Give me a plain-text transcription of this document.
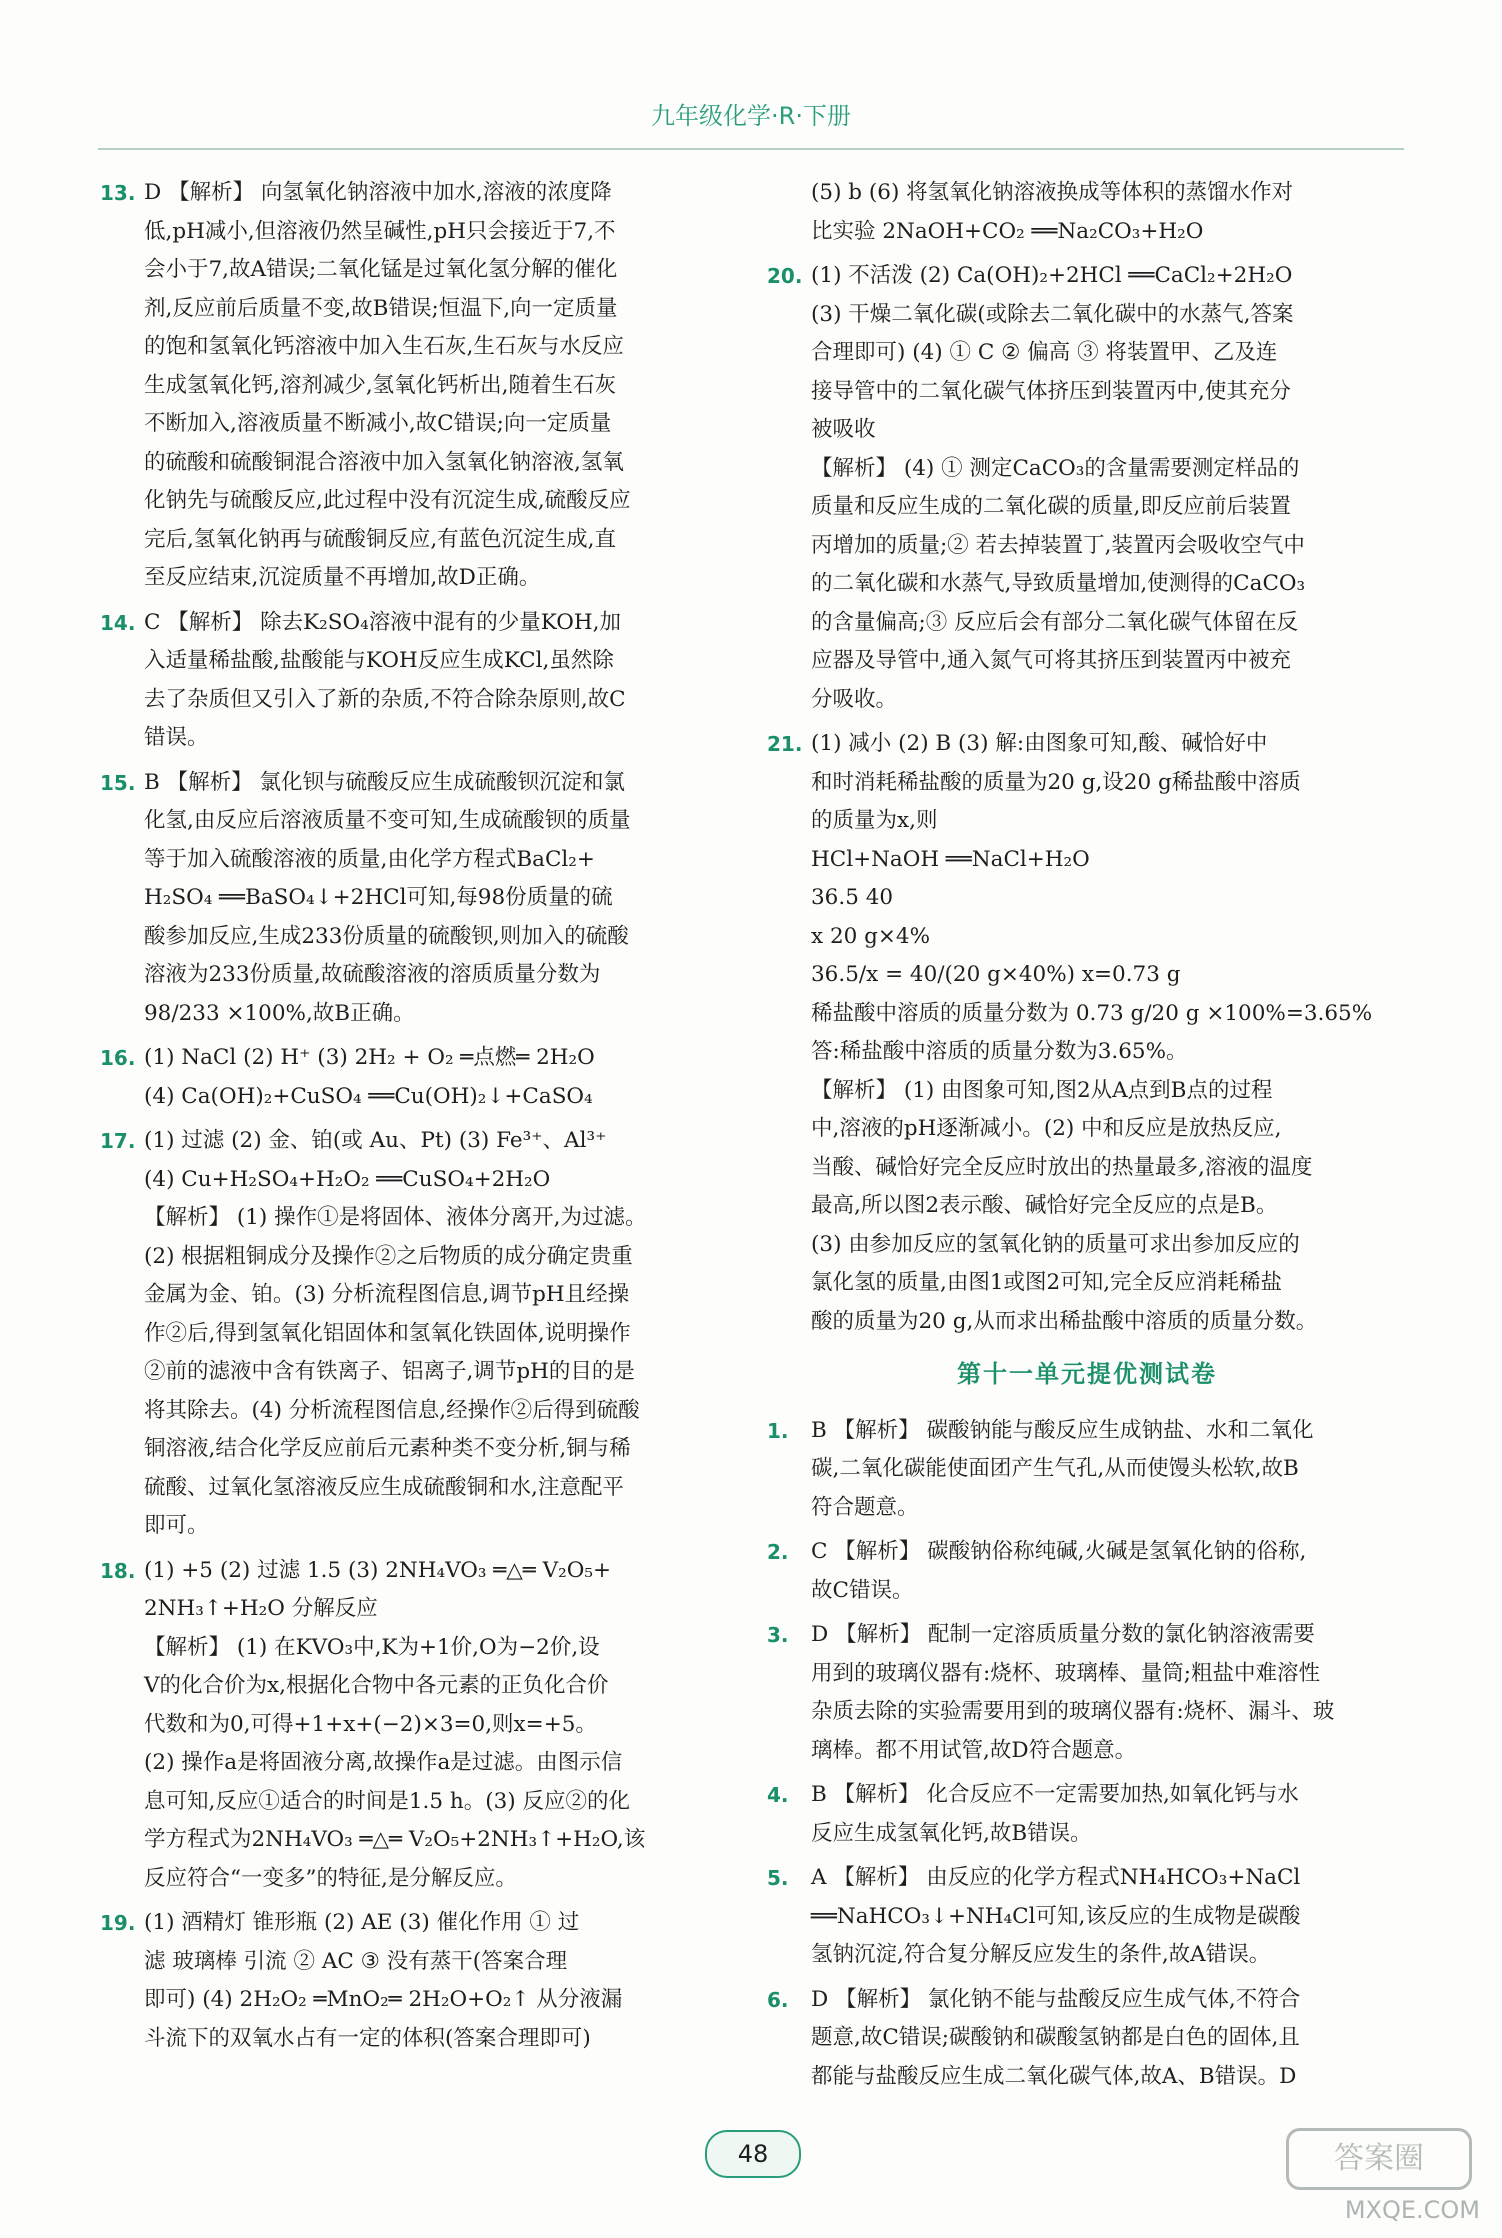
九年级化学·R·下册
13. D 【解析】 向氢氧化钠溶液中加水,溶液的浓度降
低,pH减小,但溶液仍然呈碱性,pH只会接近于7,不
会小于7,故A错误;二氧化锰是过氧化氢分解的催化
剂,反应前后质量不变,故B错误;恒温下,向一定质量
的饱和氢氧化钙溶液中加入生石灰,生石灰与水反应
生成氢氧化钙,溶剂减少,氢氧化钙析出,随着生石灰
不断加入,溶液质量不断减小,故C错误;向一定质量
的硫酸和硫酸铜混合溶液中加入氢氧化钠溶液,氢氧
化钠先与硫酸反应,此过程中没有沉淀生成,硫酸反应
完后,氢氧化钠再与硫酸铜反应,有蓝色沉淀生成,直
至反应结束,沉淀质量不再增加,故D正确。
14. C 【解析】 除去K₂SO₄溶液中混有的少量KOH,加
入适量稀盐酸,盐酸能与KOH反应生成KCl,虽然除
去了杂质但又引入了新的杂质,不符合除杂原则,故C
错误。
15. B 【解析】 氯化钡与硫酸反应生成硫酸钡沉淀和氯
化氢,由反应后溶液质量不变可知,生成硫酸钡的质量
等于加入硫酸溶液的质量,由化学方程式BaCl₂+
H₂SO₄ ══BaSO₄↓+2HCl可知,每98份质量的硫
酸参加反应,生成233份质量的硫酸钡,则加入的硫酸
溶液为233份质量,故硫酸溶液的溶质质量分数为
98/233 ×100%,故B正确。
16. (1) NaCl (2) H⁺ (3) 2H₂ + O₂ ═点燃═ 2H₂O
(4) Ca(OH)₂+CuSO₄ ══Cu(OH)₂↓+CaSO₄
17. (1) 过滤 (2) 金、铂(或 Au、Pt) (3) Fe³⁺、Al³⁺
(4) Cu+H₂SO₄+H₂O₂ ══CuSO₄+2H₂O
【解析】 (1) 操作①是将固体、液体分离开,为过滤。
(2) 根据粗铜成分及操作②之后物质的成分确定贵重
金属为金、铂。(3) 分析流程图信息,调节pH且经操
作②后,得到氢氧化铝固体和氢氧化铁固体,说明操作
②前的滤液中含有铁离子、铝离子,调节pH的目的是
将其除去。(4) 分析流程图信息,经操作②后得到硫酸
铜溶液,结合化学反应前后元素种类不变分析,铜与稀
硫酸、过氧化氢溶液反应生成硫酸铜和水,注意配平
即可。
18. (1) +5 (2) 过滤 1.5 (3) 2NH₄VO₃ ═△═ V₂O₅+
2NH₃↑+H₂O 分解反应
【解析】 (1) 在KVO₃中,K为+1价,O为−2价,设
V的化合价为x,根据化合物中各元素的正负化合价
代数和为0,可得+1+x+(−2)×3=0,则x=+5。
(2) 操作a是将固液分离,故操作a是过滤。由图示信
息可知,反应①适合的时间是1.5 h。(3) 反应②的化
学方程式为2NH₄VO₃ ═△═ V₂O₅+2NH₃↑+H₂O,该
反应符合“一变多”的特征,是分解反应。
19. (1) 酒精灯 锥形瓶 (2) AE (3) 催化作用 ① 过
滤 玻璃棒 引流 ② AC ③ 没有蒸干(答案合理
即可) (4) 2H₂O₂ ═MnO₂═ 2H₂O+O₂↑ 从分液漏
斗流下的双氧水占有一定的体积(答案合理即可)
(5) b (6) 将氢氧化钠溶液换成等体积的蒸馏水作对
比实验 2NaOH+CO₂ ══Na₂CO₃+H₂O
20. (1) 不活泼 (2) Ca(OH)₂+2HCl ══CaCl₂+2H₂O
(3) 干燥二氧化碳(或除去二氧化碳中的水蒸气,答案
合理即可) (4) ① C ② 偏高 ③ 将装置甲、乙及连
接导管中的二氧化碳气体挤压到装置丙中,使其充分
被吸收
【解析】 (4) ① 测定CaCO₃的含量需要测定样品的
质量和反应生成的二氧化碳的质量,即反应前后装置
丙增加的质量;② 若去掉装置丁,装置丙会吸收空气中
的二氧化碳和水蒸气,导致质量增加,使测得的CaCO₃
的含量偏高;③ 反应后会有部分二氧化碳气体留在反
应器及导管中,通入氮气可将其挤压到装置丙中被充
分吸收。
21. (1) 减小 (2) B (3) 解:由图象可知,酸、碱恰好中
和时消耗稀盐酸的质量为20 g,设20 g稀盐酸中溶质
的质量为x,则
HCl+NaOH ══NaCl+H₂O
36.5 40
x 20 g×4%
36.5/x = 40/(20 g×40%) x=0.73 g
稀盐酸中溶质的质量分数为 0.73 g/20 g ×100%=3.65%
答:稀盐酸中溶质的质量分数为3.65%。
【解析】 (1) 由图象可知,图2从A点到B点的过程
中,溶液的pH逐渐减小。(2) 中和反应是放热反应,
当酸、碱恰好完全反应时放出的热量最多,溶液的温度
最高,所以图2表示酸、碱恰好完全反应的点是B。
(3) 由参加反应的氢氧化钠的质量可求出参加反应的
氯化氢的质量,由图1或图2可知,完全反应消耗稀盐
酸的质量为20 g,从而求出稀盐酸中溶质的质量分数。
第十一单元提优测试卷
1. B 【解析】 碳酸钠能与酸反应生成钠盐、水和二氧化
碳,二氧化碳能使面团产生气孔,从而使馒头松软,故B
符合题意。
2. C 【解析】 碳酸钠俗称纯碱,火碱是氢氧化钠的俗称,
故C错误。
3. D 【解析】 配制一定溶质质量分数的氯化钠溶液需要
用到的玻璃仪器有:烧杯、玻璃棒、量筒;粗盐中难溶性
杂质去除的实验需要用到的玻璃仪器有:烧杯、漏斗、玻
璃棒。都不用试管,故D符合题意。
4. B 【解析】 化合反应不一定需要加热,如氧化钙与水
反应生成氢氧化钙,故B错误。
5. A 【解析】 由反应的化学方程式NH₄HCO₃+NaCl
══NaHCO₃↓+NH₄Cl可知,该反应的生成物是碳酸
氢钠沉淀,符合复分解反应发生的条件,故A错误。
6. D 【解析】 氯化钠不能与盐酸反应生成气体,不符合
题意,故C错误;碳酸钠和碳酸氢钠都是白色的固体,且
都能与盐酸反应生成二氧化碳气体,故A、B错误。D
48	答案圈
MXQE.COM
